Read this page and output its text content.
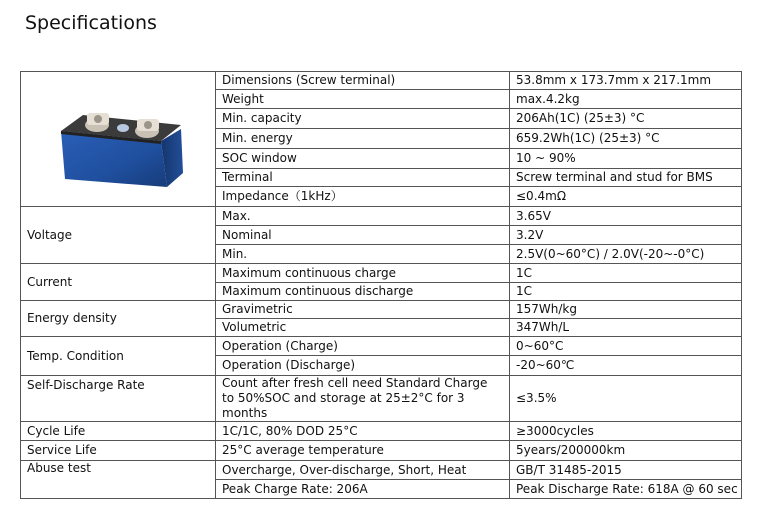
Specifications
	Dimensions (Screw terminal)	53.8mm x 173.7mm x 217.1mm
	Weight	max.4.2kg
	Min. capacity	206Ah(1C) (25±3) °C
	Min. energy	659.2Wh(1C) (25±3) °C
	SOC window	10 ~ 90%
	Terminal	Screw terminal and stud for BMS
	Impedance（1kHz）	≤0.4mΩ
Voltage	Max.	3.65V
	Nominal	3.2V
	Min.	2.5V(0~60°C) / 2.0V(-20~-0°C)
Current	Maximum continuous charge	1C
	Maximum continuous discharge	1C
Energy density	Gravimetric	157Wh/kg
	Volumetric	347Wh/L
Temp. Condition	Operation (Charge)	0~60°C
	Operation (Discharge)	-20~60℃
Self-Discharge Rate	Count after fresh cell need Standard Charge to 50%SOC and storage at 25±2°C for 3 months	≤3.5%
Cycle Life	1C/1C, 80% DOD 25°C	≥3000cycles
Service Life	25°C average temperature	5years/200000km
Abuse test	Overcharge, Over-discharge, Short, Heat	GB/T 31485-2015
	Peak Charge Rate: 206A	Peak Discharge Rate: 618A @ 60 sec
